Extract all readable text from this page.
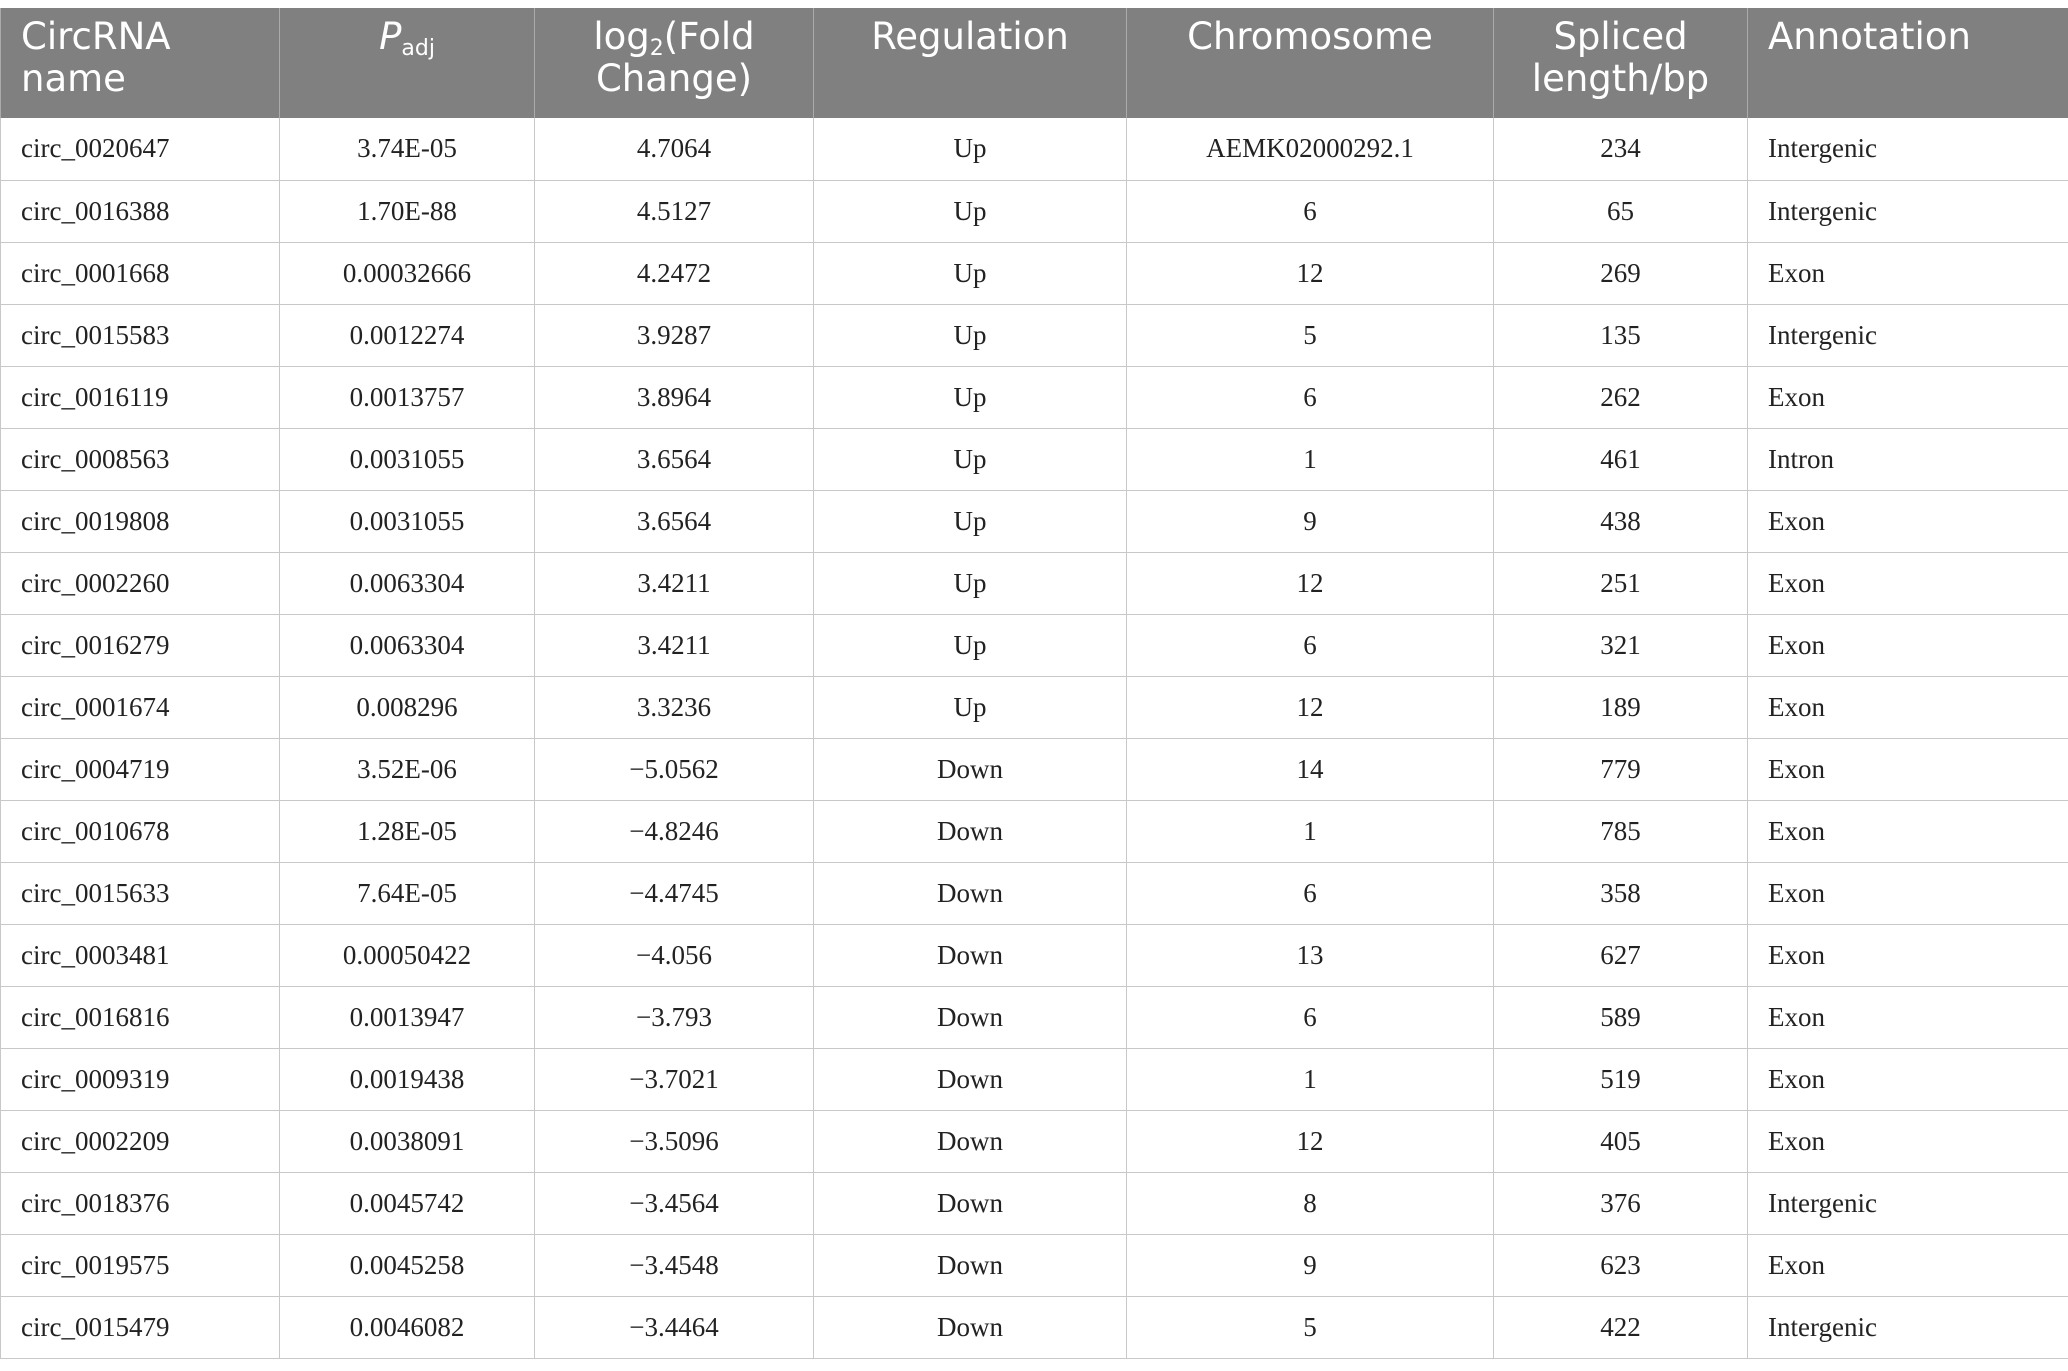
CircRNA name	$P_{adj}$	$\log_2(Fold$ Change)	Regulation	Chromosome	Spliced length/bp	Annotation
circ_0020647	3.74E-05	4.7064	Up	AEMK02000292.1	234	Intergenic
circ_0016388	1.70E-88	4.5127	Up	6	65	Intergenic
circ_0001668	0.00032666	4.2472	Up	12	269	Exon
circ_0015583	0.0012274	3.9287	Up	5	135	Intergenic
circ_0016119	0.0013757	3.8964	Up	6	262	Exon
circ_0008563	0.0031055	3.6564	Up	1	461	Intron
circ_0019808	0.0031055	3.6564	Up	9	438	Exon
circ_0002260	0.0063304	3.4211	Up	12	251	Exon
circ_0016279	0.0063304	3.4211	Up	6	321	Exon
circ_0001674	0.008296	3.3236	Up	12	189	Exon
circ_0004719	3.52E-06	−5.0562	Down	14	779	Exon
circ_0010678	1.28E-05	−4.8246	Down	1	785	Exon
circ_0015633	7.64E-05	−4.4745	Down	6	358	Exon
circ_0003481	0.00050422	−4.056	Down	13	627	Exon
circ_0016816	0.0013947	−3.793	Down	6	589	Exon
circ_0009319	0.0019438	−3.7021	Down	1	519	Exon
circ_0002209	0.0038091	−3.5096	Down	12	405	Exon
circ_0018376	0.0045742	−3.4564	Down	8	376	Intergenic
circ_0019575	0.0045258	−3.4548	Down	9	623	Exon
circ_0015479	0.0046082	−3.4464	Down	5	422	Intergenic
